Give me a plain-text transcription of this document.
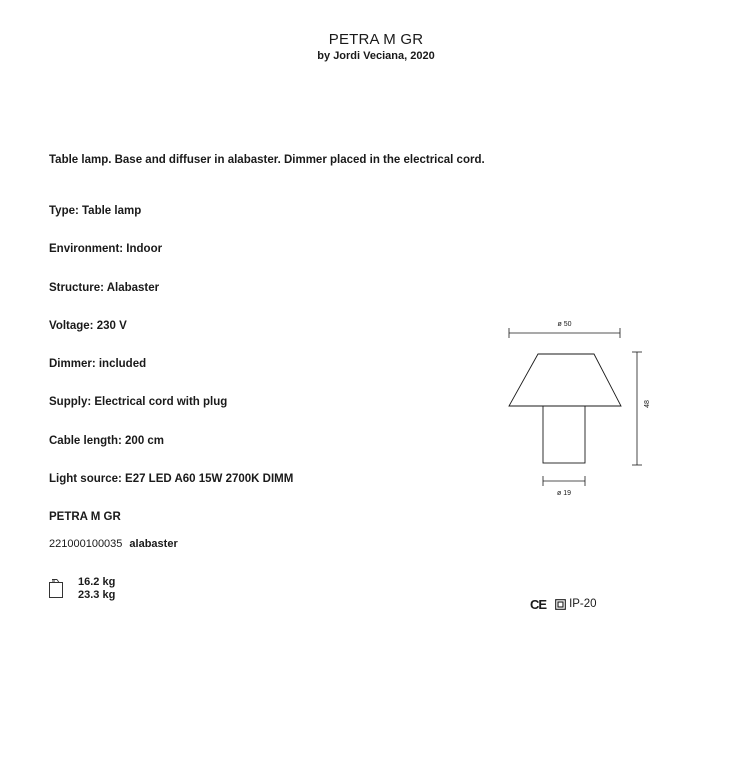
PETRA M GR
by Jordi Veciana, 2020
Table lamp. Base and diffuser in alabaster. Dimmer placed in the electrical cord.
Type: Table lamp
Environment: Indoor
Structure: Alabaster
Voltage: 230 V
Dimmer: included
Supply: Electrical cord with plug
Cable length: 200 cm
Light source: E27 LED A60 15W 2700K DIMM
PETRA M GR
221000100035 alabaster
16.2 kg
23.3 kg
ø 50
48
ø 19
CE IP-20
